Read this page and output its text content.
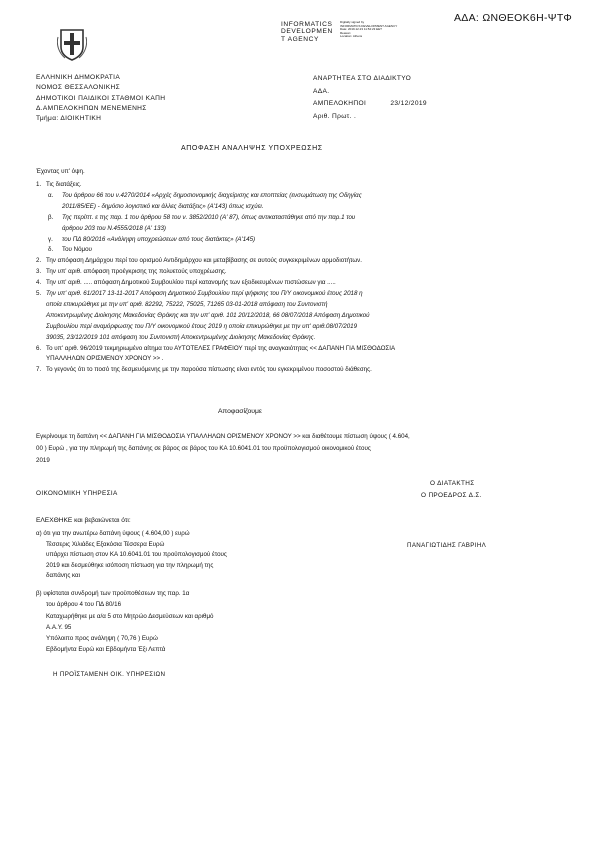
ΑΔΑ: ΩΝΘΕΟΚ6Η-ΨΤΦ
INFORMATICS
DEVELOPMEN
T AGENCY
Digitally signed by
INFORMATICS DEVELOPMENT AGENCY
Date: 2019.12.23 11:52:23 EET
Reason:
Location: Athens
ΕΛΛΗΝΙΚΗ ΔΗΜΟΚΡΑΤΙΑ
ΝΟΜΟΣ ΘΕΣΣΑΛΟΝΙΚΗΣ
ΔΗΜΟΤΙΚΟΙ ΠΑΙΔΙΚΟΙ ΣΤΑΘΜΟΙ ΚΑΠΗ
Δ.ΑΜΠΕΛΟΚΗΠΩΝ ΜΕΝΕΜΕΝΗΣ
Τμήμα: ΔΙΟΙΚΗΤΙΚΗ
ΑΝΑΡΤΗΤΕΑ ΣΤΟ ΔΙΑΔΙΚΤΥΟ
ΑΔΑ.
ΑΜΠΕΛΟΚΗΠΟΙ	23/12/2019
Αριθ. Πρωτ. .
ΑΠΟΦΑΣΗ ΑΝΑΛΗΨΗΣ ΥΠΟΧΡΕΩΣΗΣ
Έχοντας υπ' όψη.
1. Τις διατάξεις.
α. Του άρθρου 66 του ν.4270/2014 «Αρχές δημοσιονομικής διαχείρισης και εποπτείας (ενσωμάτωση της Οδηγίας
2011/85/ΕΕ) - δημόσιο λογιστικό και άλλες διατάξεις» (Α'143) όπως ισχύει.
β. Της περίπτ. ε της παρ. 1 του άρθρου 58 του ν. 3852/2010 (Α' 87), όπως αντικαταστάθηκε από την παρ.1 του
άρθρου 203 του Ν.4555/2018 (Α' 133)
γ. του ΠΔ 80/2016 «Ανάληψη υποχρεώσεων από τους διατάκτες» (Α'145)
δ. Του Νόμου
2. Την απόφαση Δημάρχου περί του ορισμού Αντιδημάρχου και μεταβίβασης σε αυτούς συγκεκριμένων αρμοδιοτήτων.
3. Την υπ' αριθ. απόφαση προέγκρισης της πολυετούς υποχρέωσης.
4. Την υπ' αριθ. ..... απόφαση Δημοτικού Συμβουλίου περί κατανομής των εξειδικευμένων πιστώσεων για .....
5. Την υπ' αριθ. 61/2017 13-11-2017 Απόφαση Δημοτικού Συμβουλίου περί ψήφισης του Π/Υ οικονομικού έτους 2018 η
οποία επικυρώθηκε με την υπ' αριθ. 82292, 75222, 75025, 71265 03-01-2018 απόφαση του Συντονιστή
Αποκεντρωμένης Διοίκησης Μακεδονίας Θράκης και την υπ' αριθ. 101 20/12/2018, 66 08/07/2018 Απόφαση Δημοτικού
Συμβουλίου περί αναμόρφωσης του Π/Υ οικονομικού έτους 2019 η οποία επικυρώθηκε με την υπ' αριθ.08/07/2019
39035, 23/12/2019 101 απόφαση του Συντονιστή Αποκεντρωμένης Διοίκησης Μακεδονίας Θράκης.
6. Το υπ' αριθ. 96/2019 τεκμηριωμένο αίτημα του ΑΥΤΟΤΕΛΕΣ ΓΡΑΦΕΙΟΥ περί της αναγκαιότητας << ΔΑΠΑΝΗ ΓΙΑ ΜΙΣΘΟΔΟΣΙΑ
ΥΠΑΛΛΗΛΩΝ ΟΡΙΣΜΕΝΟΥ ΧΡΟΝΟΥ >> .
7. Το γεγονός ότι το ποσό της δεσμευόμενης με την παρούσα πίστωσης είναι εντός του εγκεκριμένου ποσοστού διάθεσης.
Αποφασίζουμε
Εγκρίνουμε τη δαπάνη << ΔΑΠΑΝΗ ΓΙΑ ΜΙΣΘΟΔΟΣΙΑ ΥΠΑΛΛΗΛΩΝ ΟΡΙΣΜΕΝΟΥ ΧΡΟΝΟΥ >> και διαθέτουμε πίστωση ύψους ( 4.604,
00 ) Ευρώ , για την πληρωμή της δαπάνης σε βάρος σε βάρος του ΚΑ 10.6041.01 του προϋπολογισμού οικονομικού έτους
2019
ΟΙΚΟΝΟΜΙΚΗ ΥΠΗΡΕΣΙΑ
Ο ΔΙΑΤΑΚΤΗΣ
Ο ΠΡΟΕΔΡΟΣ Δ.Σ.
ΕΛΕΧΘΗΚΕ και βεβαιώνεται ότι:
α) ότι για την ανωτέρω δαπάνη ύψους ( 4.604,00 ) ευρώ
Τέσσερις Χιλιάδες Εξακόσια Τέσσερα Ευρώ
υπάρχει πίστωση στον ΚΑ 10.6041.01 του προϋπολογισμού έτους
2019 και δεσμεύθηκε ισόποση πίστωση για την πληρωμή της
δαπάνης και
ΠΑΝΑΓΙΩΤΙΔΗΣ ΓΑΒΡΙΗΛ
β) υφίσταται συνδρομή των προϋποθέσεων της παρ. 1α
του άρθρου 4 του ΠΔ 80/16
Καταχωρήθηκε με α/α 5 στο Μητρώο Δεσμεύσεων και αριθμό
Α.Α.Υ. 95
Υπόλοιπο προς ανάληψη ( 70,76 ) Ευρώ
Εβδομήντα Ευρώ και Εβδομήντα Έξι Λεπτά
Η ΠΡΟΪΣΤΑΜΕΝΗ ΟΙΚ. ΥΠΗΡΕΣΙΩΝ
